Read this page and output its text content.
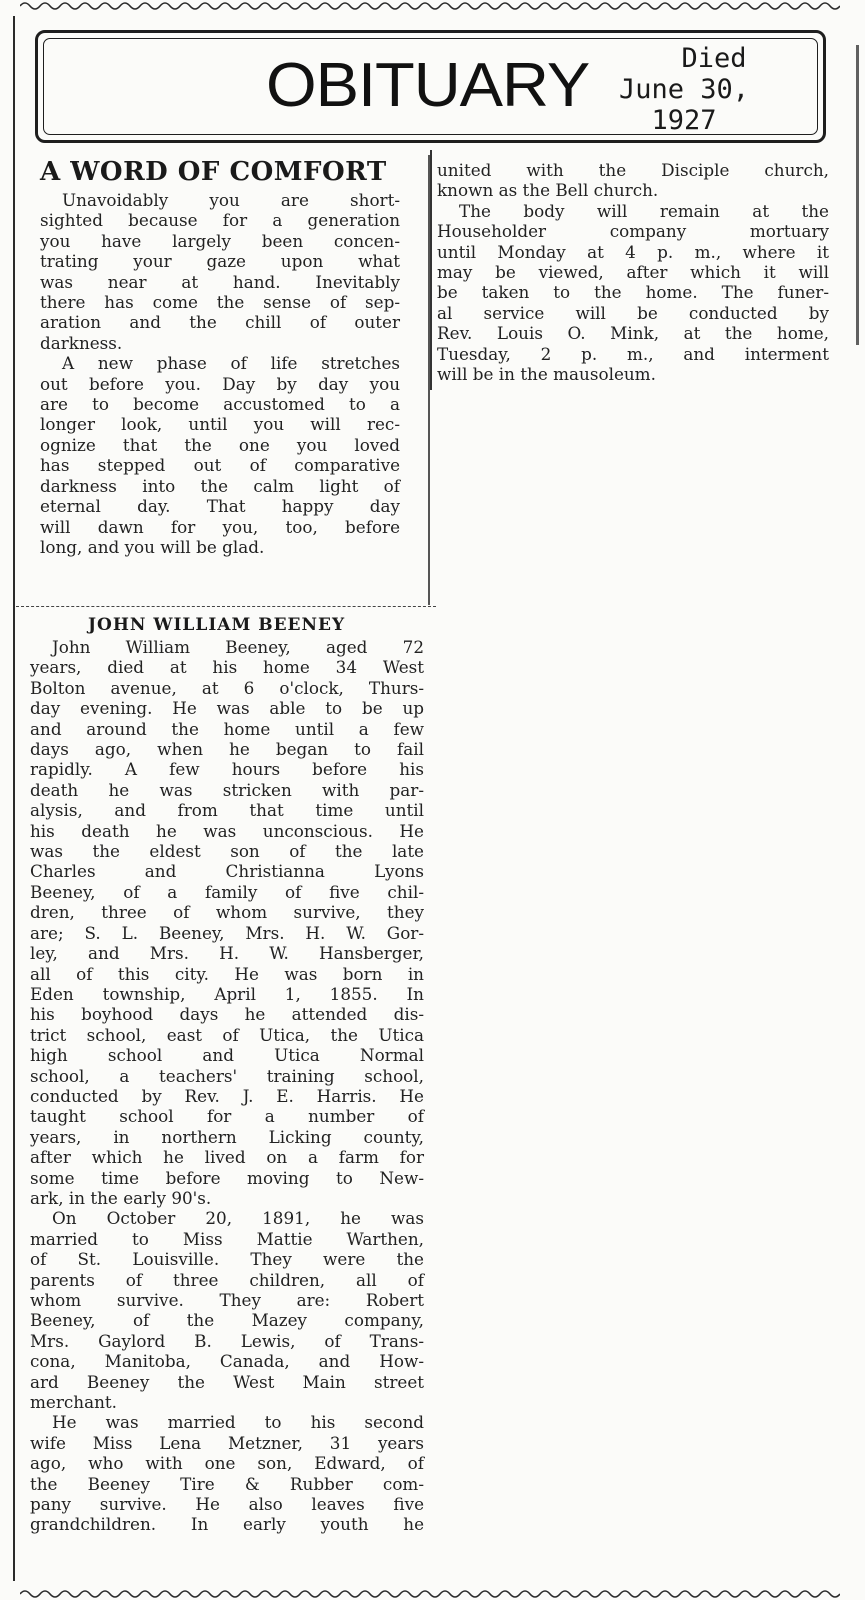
OBITUARY	Died
June 30,
1927
A WORD OF COMFORT
Unavoidably you are short-
sighted because for a generation
you have largely been concen-
trating your gaze upon what
was near at hand. Inevitably
there has come the sense of sep-
aration and the chill of outer
darkness.
A new phase of life stretches
out before you. Day by day you
are to become accustomed to a
longer look, until you will rec-
ognize that the one you loved
has stepped out of comparative
darkness into the calm light of
eternal day. That happy day
will dawn for you, too, before
long, and you will be glad.
JOHN WILLIAM BEENEY
John William Beeney, aged 72
years, died at his home 34 West
Bolton avenue, at 6 o'clock, Thurs-
day evening. He was able to be up
and around the home until a few
days ago, when he began to fail
rapidly. A few hours before his
death he was stricken with par-
alysis, and from that time until
his death he was unconscious. He
was the eldest son of the late
Charles and Christianna Lyons
Beeney, of a family of five chil-
dren, three of whom survive, they
are; S. L. Beeney, Mrs. H. W. Gor-
ley, and Mrs. H. W. Hansberger,
all of this city. He was born in
Eden township, April 1, 1855. In
his boyhood days he attended dis-
trict school, east of Utica, the Utica
high school and Utica Normal
school, a teachers' training school,
conducted by Rev. J. E. Harris. He
taught school for a number of
years, in northern Licking county,
after which he lived on a farm for
some time before moving to New-
ark, in the early 90's.
On October 20, 1891, he was
married to Miss Mattie Warthen,
of St. Louisville. They were the
parents of three children, all of
whom survive. They are: Robert
Beeney, of the Mazey company,
Mrs. Gaylord B. Lewis, of Trans-
cona, Manitoba, Canada, and How-
ard Beeney the West Main street
merchant.
He was married to his second
wife Miss Lena Metzner, 31 years
ago, who with one son, Edward, of
the Beeney Tire & Rubber com-
pany survive. He also leaves five
grandchildren. In early youth he
united with the Disciple church,
known as the Bell church.
The body will remain at the
Householder company mortuary
until Monday at 4 p. m., where it
may be viewed, after which it will
be taken to the home. The funer-
al service will be conducted by
Rev. Louis O. Mink, at the home,
Tuesday, 2 p. m., and interment
will be in the mausoleum.
